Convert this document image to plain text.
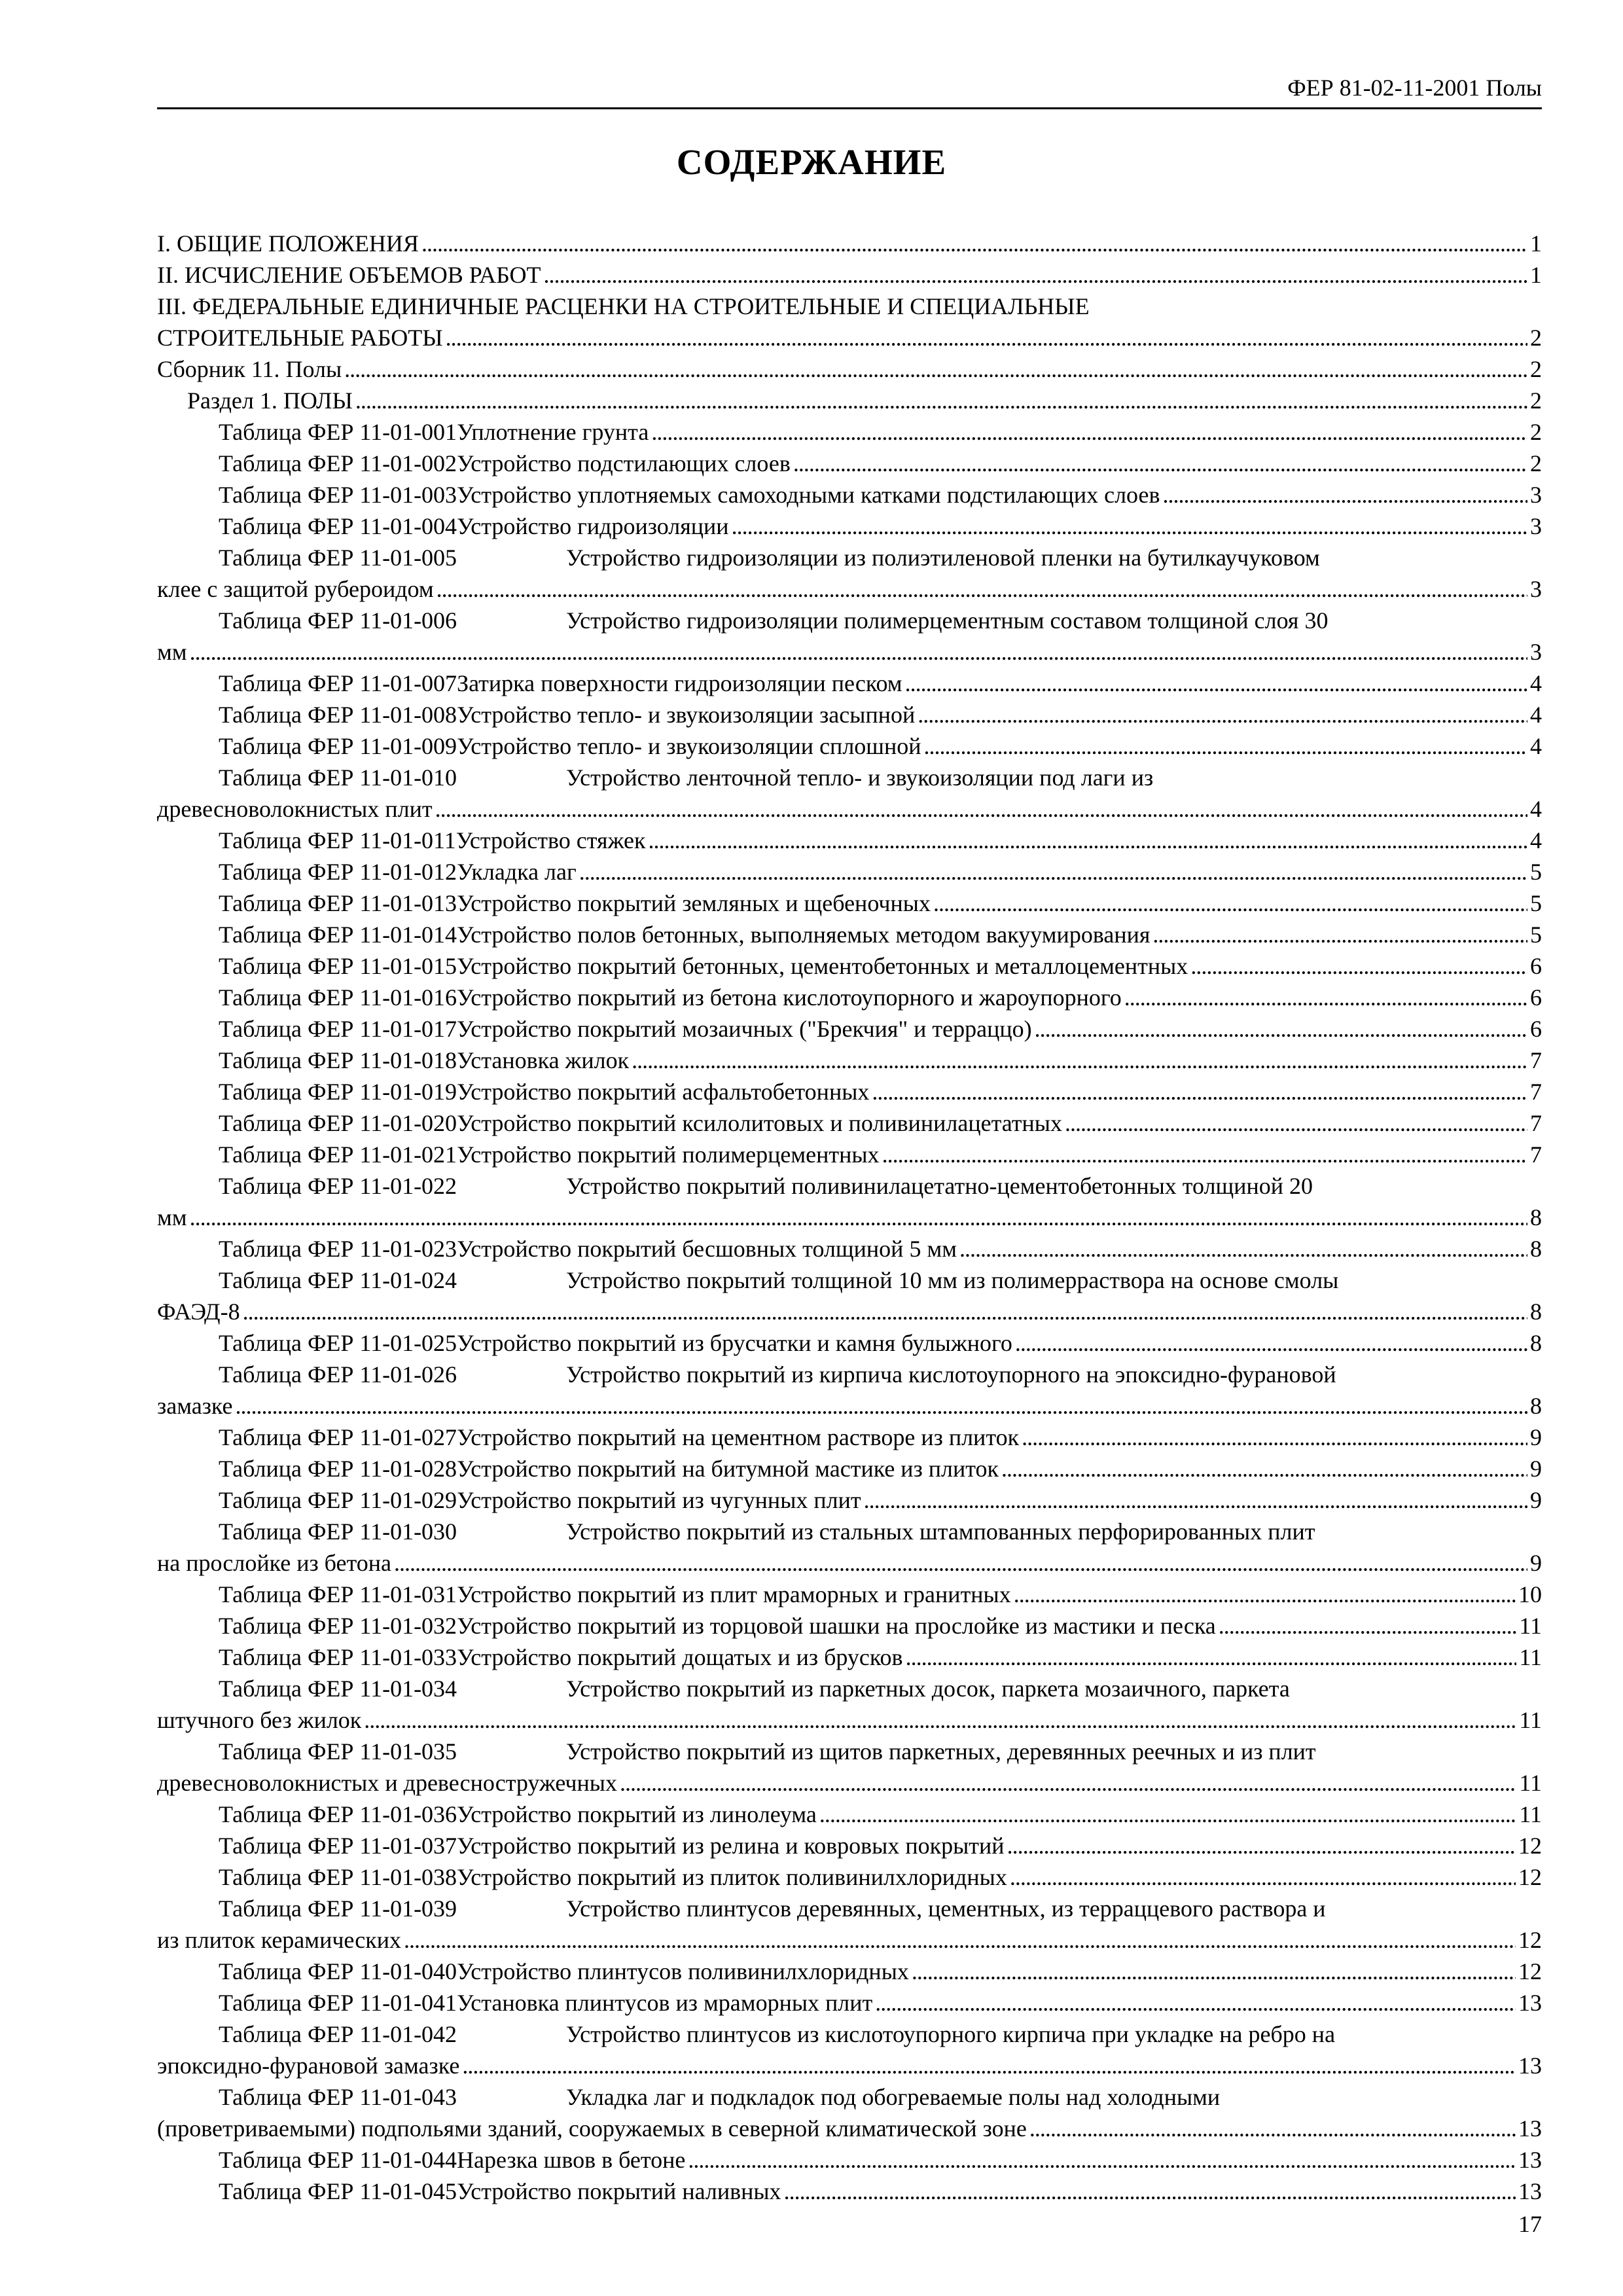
ФЕР 81-02-11-2001 Полы
СОДЕРЖАНИЕ
I. ОБЩИЕ ПОЛОЖЕНИЯ . . .	1
II. ИСЧИСЛЕНИЕ ОБЪЕМОВ РАБОТ . . .	1
III. ФЕДЕРАЛЬНЫЕ ЕДИНИЧНЫЕ РАСЦЕНКИ НА СТРОИТЕЛЬНЫЕ И СПЕЦИАЛЬНЫЕ
СТРОИТЕЛЬНЫЕ РАБОТЫ . . .	2
Сборник 11. Полы . . .	2
Раздел 1. ПОЛЫ . . .	2
Таблица ФЕР 11-01-001 Уплотнение грунта . . .	2
Таблица ФЕР 11-01-002 Устройство подстилающих слоев . . .	2
Таблица ФЕР 11-01-003 Устройство уплотняемых самоходными катками подстилающих слоев . . .	3
Таблица ФЕР 11-01-004 Устройство гидроизоляции . . .	3
Таблица ФЕР 11-01-005	Устройство гидроизоляции из полиэтиленовой пленки на бутилкаучуковом
клее с защитой рубероидом . . .	3
Таблица ФЕР 11-01-006	Устройство гидроизоляции полимерцементным составом толщиной слоя 30
мм . . .	3
Таблица ФЕР 11-01-007 Затирка поверхности гидроизоляции песком . . .	4
Таблица ФЕР 11-01-008 Устройство тепло- и звукоизоляции засыпной . . .	4
Таблица ФЕР 11-01-009 Устройство тепло- и звукоизоляции сплошной . . .	4
Таблица ФЕР 11-01-010	Устройство ленточной тепло- и звукоизоляции под лаги из
древесноволокнистых плит . . .	4
Таблица ФЕР 11-01-011 Устройство стяжек . . .	4
Таблица ФЕР 11-01-012 Укладка лаг . . .	5
Таблица ФЕР 11-01-013 Устройство покрытий земляных и щебеночных . . .	5
Таблица ФЕР 11-01-014 Устройство полов бетонных, выполняемых методом вакуумирования . . .	5
Таблица ФЕР 11-01-015 Устройство покрытий бетонных, цементобетонных и металлоцементных . . .	6
Таблица ФЕР 11-01-016 Устройство покрытий из бетона кислотоупорного и жароупорного . . .	6
Таблица ФЕР 11-01-017 Устройство покрытий мозаичных ("Брекчия" и терраццо) . . .	6
Таблица ФЕР 11-01-018 Установка жилок . . .	7
Таблица ФЕР 11-01-019 Устройство покрытий асфальтобетонных . . .	7
Таблица ФЕР 11-01-020 Устройство покрытий ксилолитовых и поливинилацетатных . . .	7
Таблица ФЕР 11-01-021 Устройство покрытий полимерцементных . . .	7
Таблица ФЕР 11-01-022	Устройство покрытий поливинилацетатно-цементобетонных толщиной 20
мм . . .	8
Таблица ФЕР 11-01-023 Устройство покрытий бесшовных толщиной 5 мм . . .	8
Таблица ФЕР 11-01-024	Устройство покрытий толщиной 10 мм из полимерраствора на основе смолы
ФАЭД-8 . . .	8
Таблица ФЕР 11-01-025 Устройство покрытий из брусчатки и камня булыжного . . .	8
Таблица ФЕР 11-01-026	Устройство покрытий из кирпича кислотоупорного на эпоксидно-фурановой
замазке . . .	8
Таблица ФЕР 11-01-027 Устройство покрытий на цементном растворе из плиток . . .	9
Таблица ФЕР 11-01-028 Устройство покрытий на битумной мастике из плиток . . .	9
Таблица ФЕР 11-01-029 Устройство покрытий из чугунных плит . . .	9
Таблица ФЕР 11-01-030	Устройство покрытий из стальных штампованных перфорированных плит
на прослойке из бетона . . .	9
Таблица ФЕР 11-01-031 Устройство покрытий из плит мраморных и гранитных . . .	10
Таблица ФЕР 11-01-032 Устройство покрытий из торцовой шашки на прослойке из мастики и песка . . .	11
Таблица ФЕР 11-01-033 Устройство покрытий дощатых и из брусков . . .	11
Таблица ФЕР 11-01-034	Устройство покрытий из паркетных досок, паркета мозаичного, паркета
штучного без жилок . . .	11
Таблица ФЕР 11-01-035	Устройство покрытий из щитов паркетных, деревянных реечных и из плит
древесноволокнистых и древесностружечных . . .	11
Таблица ФЕР 11-01-036 Устройство покрытий из линолеума . . .	11
Таблица ФЕР 11-01-037 Устройство покрытий из релина и ковровых покрытий . . .	12
Таблица ФЕР 11-01-038 Устройство покрытий из плиток поливинилхлоридных . . .	12
Таблица ФЕР 11-01-039	Устройство плинтусов деревянных, цементных, из терраццевого раствора и
из плиток керамических . . .	12
Таблица ФЕР 11-01-040 Устройство плинтусов поливинилхлоридных . . .	12
Таблица ФЕР 11-01-041 Установка плинтусов из мраморных плит . . .	13
Таблица ФЕР 11-01-042	Устройство плинтусов из кислотоупорного кирпича при укладке на ребро на
эпоксидно-фурановой замазке . . .	13
Таблица ФЕР 11-01-043	Укладка лаг и подкладок под обогреваемые полы над холодными
(проветриваемыми) подпольями зданий, сооружаемых в северной климатической зоне . . .	13
Таблица ФЕР 11-01-044 Нарезка швов в бетоне . . .	13
Таблица ФЕР 11-01-045 Устройство покрытий наливных . . .	13
17
